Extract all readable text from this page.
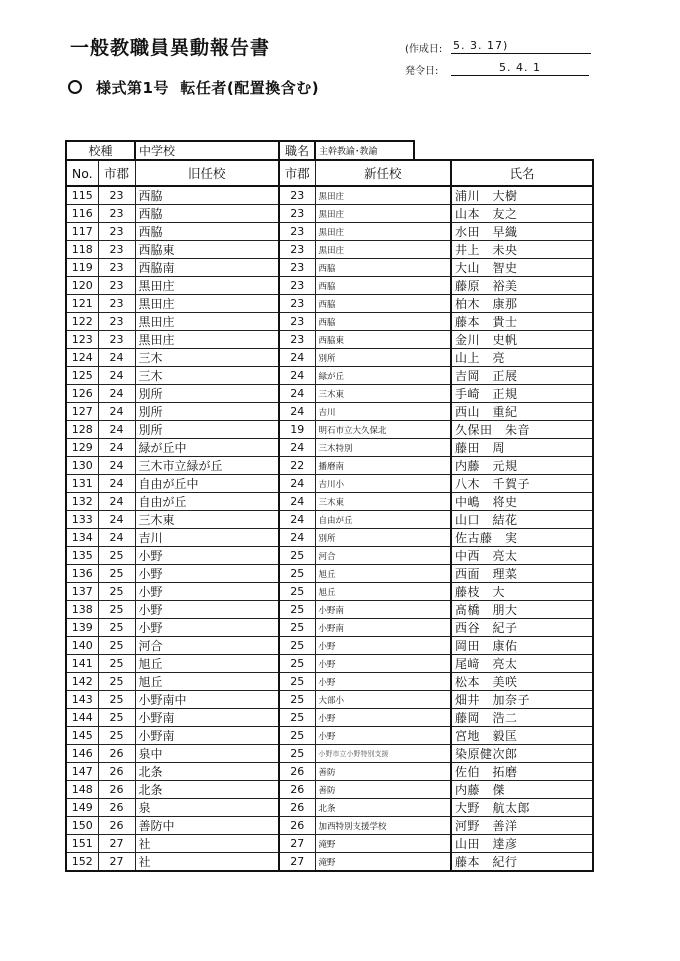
一般教職員異動報告書
様式第1号 転任者(配置換含む)
(作成日: 5. 3. 17)
発令日:	5. 4. 1
校種	中学校	職名	主幹教諭･教諭
No.	市郡	旧任校	市郡	新任校	氏名
115	23	西脇	23	黒田庄	浦川　大樹
116	23	西脇	23	黒田庄	山本　友之
117	23	西脇	23	黒田庄	水田　早織
118	23	西脇東	23	黒田庄	井上　未央
119	23	西脇南	23	西脇	大山　智史
120	23	黒田庄	23	西脇	藤原　裕美
121	23	黒田庄	23	西脇	柏木　康那
122	23	黒田庄	23	西脇	藤本　貴士
123	23	黒田庄	23	西脇東	金川　史帆
124	24	三木	24	別所	山上　亮
125	24	三木	24	緑が丘	吉岡　正展
126	24	別所	24	三木東	手崎　正規
127	24	別所	24	吉川	西山　重紀
128	24	別所	19	明石市立大久保北	久保田　朱音
129	24	緑が丘中	24	三木特別	藤田　周
130	24	三木市立緑が丘	22	播磨南	内藤　元規
131	24	自由が丘中	24	吉川小	八木　千賀子
132	24	自由が丘	24	三木東	中嶋　将史
133	24	三木東	24	自由が丘	山口　結花
134	24	吉川	24	別所	佐古藤　実
135	25	小野	25	河合	中西　亮太
136	25	小野	25	旭丘	西面　理菜
137	25	小野	25	旭丘	藤枝　大
138	25	小野	25	小野南	髙橋　朋大
139	25	小野	25	小野南	西谷　紀子
140	25	河合	25	小野	岡田　康佑
141	25	旭丘	25	小野	尾﨑　亮太
142	25	旭丘	25	小野	松本　美咲
143	25	小野南中	25	大部小	畑井　加奈子
144	25	小野南	25	小野	藤岡　浩二
145	25	小野南	25	小野	宮地　毅匡
146	26	泉中	25	小野市立小野特別支援	染原健次郎
147	26	北条	26	善防	佐伯　拓磨
148	26	北条	26	善防	内藤　傑
149	26	泉	26	北条	大野　航太郎
150	26	善防中	26	加西特別支援学校	河野　善洋
151	27	社	27	滝野	山田　達彦
152	27	社	27	滝野	藤本　紀行
